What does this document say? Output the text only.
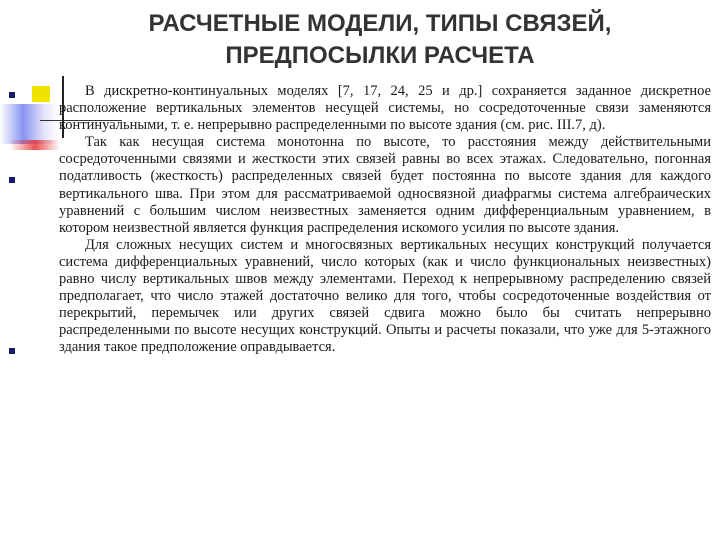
РАСЧЕТНЫЕ МОДЕЛИ, ТИПЫ СВЯЗЕЙ,
ПРЕДПОСЫЛКИ РАСЧЕТА

В дискретно-континуальных моделях [7, 17, 24, 25 и др.] сохраняется заданное дискретное расположение вертикальных элементов несущей системы, но сосредоточенные связи заменяются континуальными, т. е. непрерывно распределенными по высоте здания (см. рис. III.7, д).

Так как несущая система монотонна по высоте, то расстояния между действительными сосредоточенными связями и жесткости этих связей равны во всех этажах. Следовательно, погонная податливость (жесткость) распределенных связей будет постоянна по высоте здания для каждого вертикального шва. При этом для рассматриваемой односвязной диафрагмы система алгебраических уравнений с большим числом неизвестных заменяется одним дифференциальным уравнением, в котором неизвестной является функция распределения искомого усилия по высоте здания.

Для сложных несущих систем и многосвязных вертикальных несущих конструкций получается система дифференциальных уравнений, число которых (как и число функциональных неизвестных) равно числу вертикальных швов между элементами. Переход к непрерывному распределению связей предполагает, что число этажей достаточно велико для того, чтобы сосредоточенные воздействия от перекрытий, перемычек или других связей сдвига можно было бы считать непрерывно распределенными по высоте несущих конструкций. Опыты и расчеты показали, что уже для 5-этажного здания такое предположение оправдывается.
